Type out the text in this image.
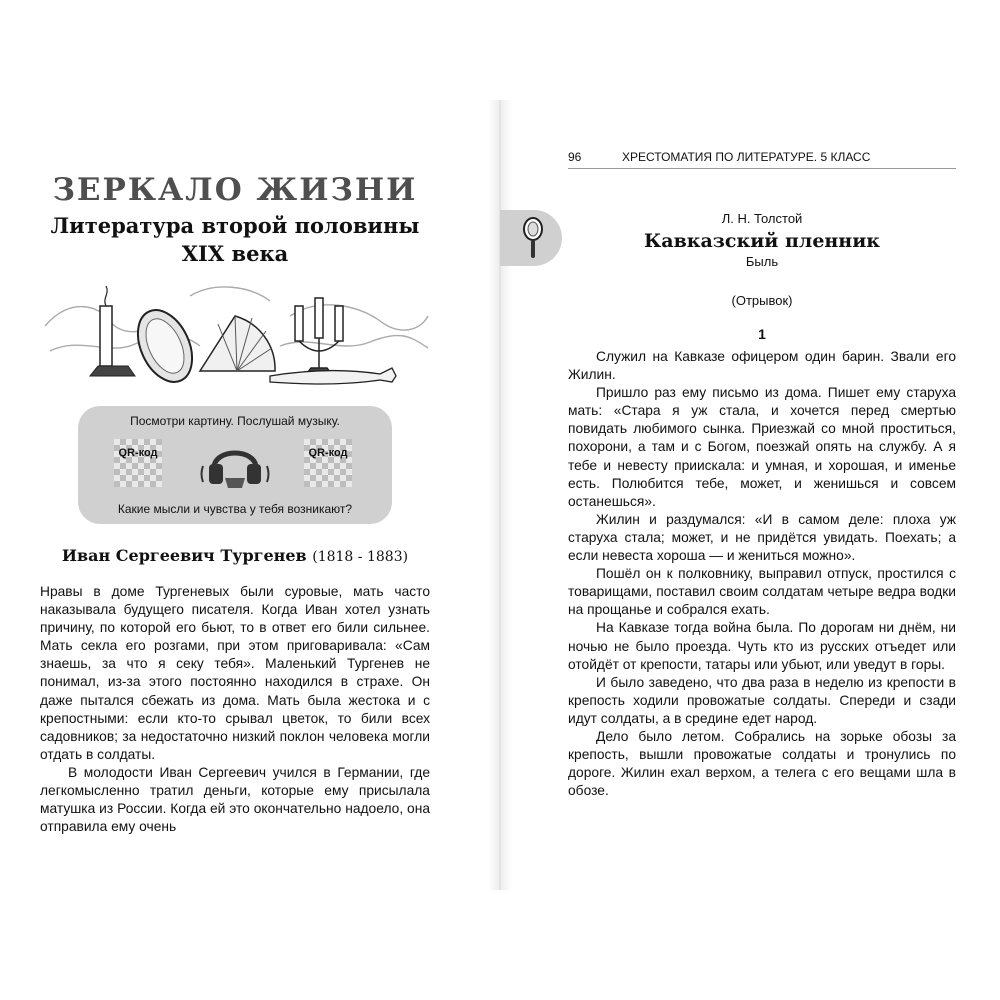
ЗЕРКАЛО ЖИЗНИ
Литература второй половины
XIX века
Посмотри картину. Послушай музыку.
QR-код	QR-код
Какие мысли и чувства у тебя возникают?
Иван Сергеевич Тургенев (1818 - 1883)

Нравы в доме Тургеневых были суровые, мать часто наказывала будущего писателя. Когда Иван хотел узнать причину, по которой его бьют, то в ответ его били сильнее. Мать секла его розгами, при этом приговаривала: «Сам знаешь, за что я секу тебя». Маленький Тургенев не понимал, из-за этого постоянно находился в страхе. Он даже пытался сбежать из дома. Мать была жестока и с крепостными: если кто-то срывал цветок, то били всех садовников; за недостаточно низкий поклон человека могли отдать в солдаты.

В молодости Иван Сергеевич учился в Германии, где легкомысленно тратил деньги, которые ему присылала матушка из России. Когда ей это окончательно надоело, она отправила ему очень

96	ХРЕСТОМАТИЯ ПО ЛИТЕРАТУРЕ. 5 КЛАСС
Л. Н. Толстой
Кавказский пленник
Быль
(Отрывок)
1

Служил на Кавказе офицером один барин. Звали его Жилин.

Пришло раз ему письмо из дома. Пишет ему старуха мать: «Стара я уж стала, и хочется перед смертью повидать любимого сынка. Приезжай со мной проститься, похорони, а там и с Богом, поезжай опять на службу. А я тебе и невесту приискала: и умная, и хорошая, и именье есть. Полюбится тебе, может, и женишься и совсем останешься».

Жилин и раздумался: «И в самом деле: плоха уж старуха стала; может, и не придётся увидать. Поехать; а если невеста хороша — и жениться можно».

Пошёл он к полковнику, выправил отпуск, простился с товарищами, поставил своим солдатам четыре ведра водки на прощанье и собрался ехать.

На Кавказе тогда война была. По дорогам ни днём, ни ночью не было проезда. Чуть кто из русских отъедет или отойдёт от крепости, татары или убьют, или уведут в горы.

И было заведено, что два раза в неделю из крепости в крепость ходили провожатые солдаты. Спереди и сзади идут солдаты, а в средине едет народ.

Дело было летом. Собрались на зорьке обозы за крепость, вышли провожатые солдаты и тронулись по дороге. Жилин ехал верхом, а телега с его вещами шла в обозе.
